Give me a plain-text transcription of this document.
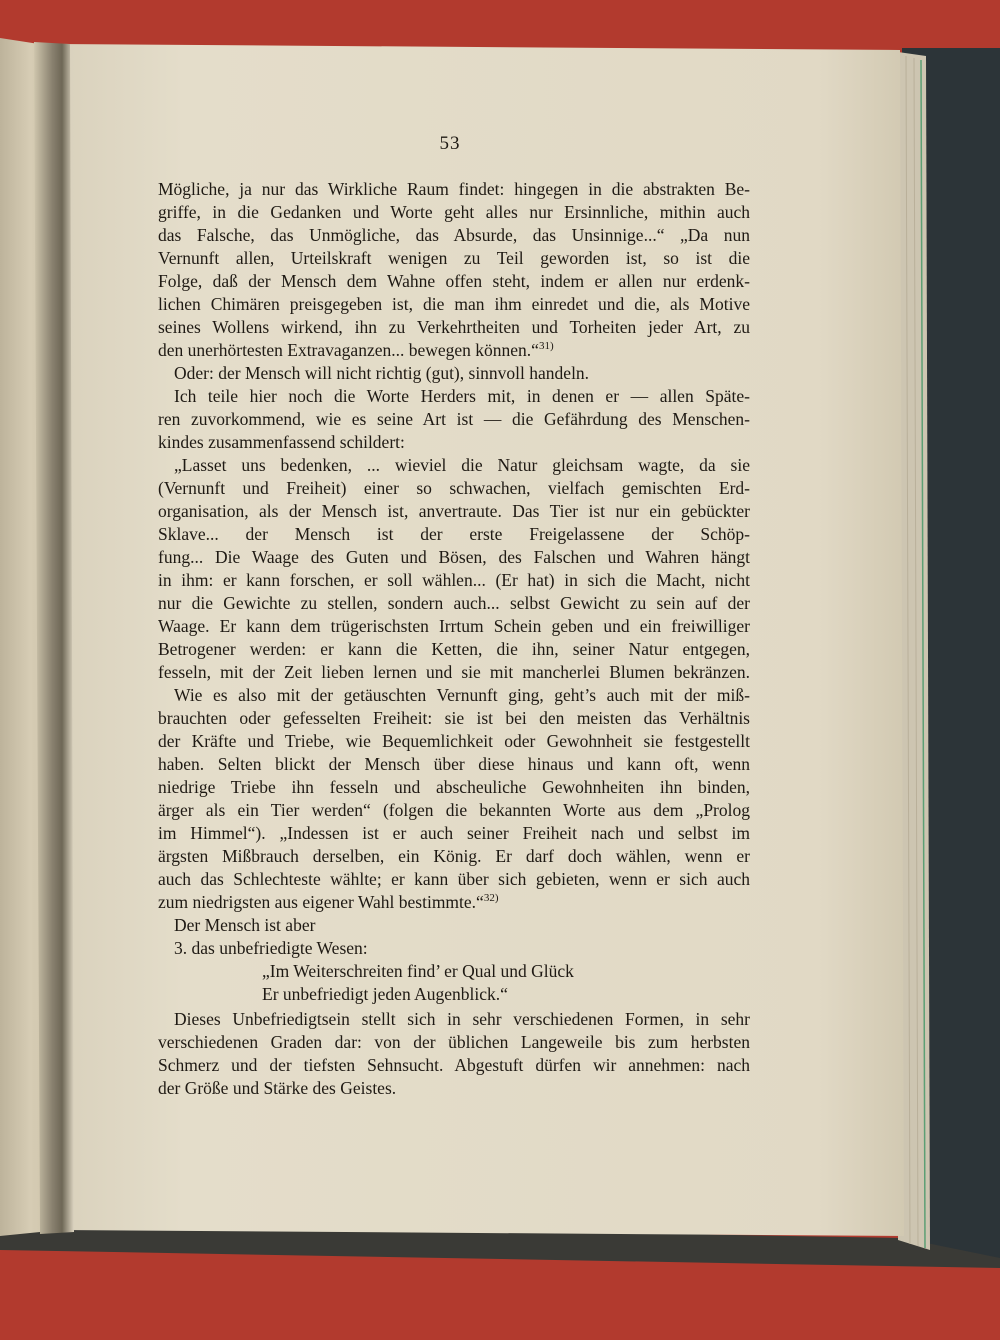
53
Mögliche, ja nur das Wirkliche Raum findet: hingegen in die abstrakten Be-
griffe, in die Gedanken und Worte geht alles nur Ersinnliche, mithin auch
das Falsche, das Unmögliche, das Absurde, das Unsinnige...“ „Da nun
Vernunft allen, Urteilskraft wenigen zu Teil geworden ist, so ist die
Folge, daß der Mensch dem Wahne offen steht, indem er allen nur erdenk-
lichen Chimären preisgegeben ist, die man ihm einredet und die, als Motive
seines Wollens wirkend, ihn zu Verkehrtheiten und Torheiten jeder Art, zu
den unerhörtesten Extravaganzen... bewegen können.“$^{31)}$
Oder: der Mensch will nicht richtig (gut), sinnvoll handeln.
Ich teile hier noch die Worte Herders mit, in denen er — allen Späte-
ren zuvorkommend, wie es seine Art ist — die Gefährdung des Menschen-
kindes zusammenfassend schildert:
„Lasset uns bedenken, ... wieviel die Natur gleichsam wagte, da sie
(Vernunft und Freiheit) einer so schwachen, vielfach gemischten Erd-
organisation, als der Mensch ist, anvertraute. Das Tier ist nur ein gebückter
Sklave... der Mensch ist der erste Freigelassene der Schöp-
fung... Die Waage des Guten und Bösen, des Falschen und Wahren hängt
in ihm: er kann forschen, er soll wählen... (Er hat) in sich die Macht, nicht
nur die Gewichte zu stellen, sondern auch... selbst Gewicht zu sein auf der
Waage. Er kann dem trügerischsten Irrtum Schein geben und ein freiwilliger
Betrogener werden: er kann die Ketten, die ihn, seiner Natur entgegen,
fesseln, mit der Zeit lieben lernen und sie mit mancherlei Blumen bekränzen.
Wie es also mit der getäuschten Vernunft ging, geht’s auch mit der miß-
brauchten oder gefesselten Freiheit: sie ist bei den meisten das Verhältnis
der Kräfte und Triebe, wie Bequemlichkeit oder Gewohnheit sie festgestellt
haben. Selten blickt der Mensch über diese hinaus und kann oft, wenn
niedrige Triebe ihn fesseln und abscheuliche Gewohnheiten ihn binden,
ärger als ein Tier werden“ (folgen die bekannten Worte aus dem „Prolog
im Himmel“). „Indessen ist er auch seiner Freiheit nach und selbst im
ärgsten Mißbrauch derselben, ein König. Er darf doch wählen, wenn er
auch das Schlechteste wählte; er kann über sich gebieten, wenn er sich auch
zum niedrigsten aus eigener Wahl bestimmte.“$^{32)}$
Der Mensch ist aber
3. das unbefriedigte Wesen:
„Im Weiterschreiten find’ er Qual und Glück
Er unbefriedigt jeden Augenblick.“
Dieses Unbefriedigtsein stellt sich in sehr verschiedenen Formen, in sehr
verschiedenen Graden dar: von der üblichen Langeweile bis zum herbsten
Schmerz und der tiefsten Sehnsucht. Abgestuft dürfen wir annehmen: nach
der Größe und Stärke des Geistes.
